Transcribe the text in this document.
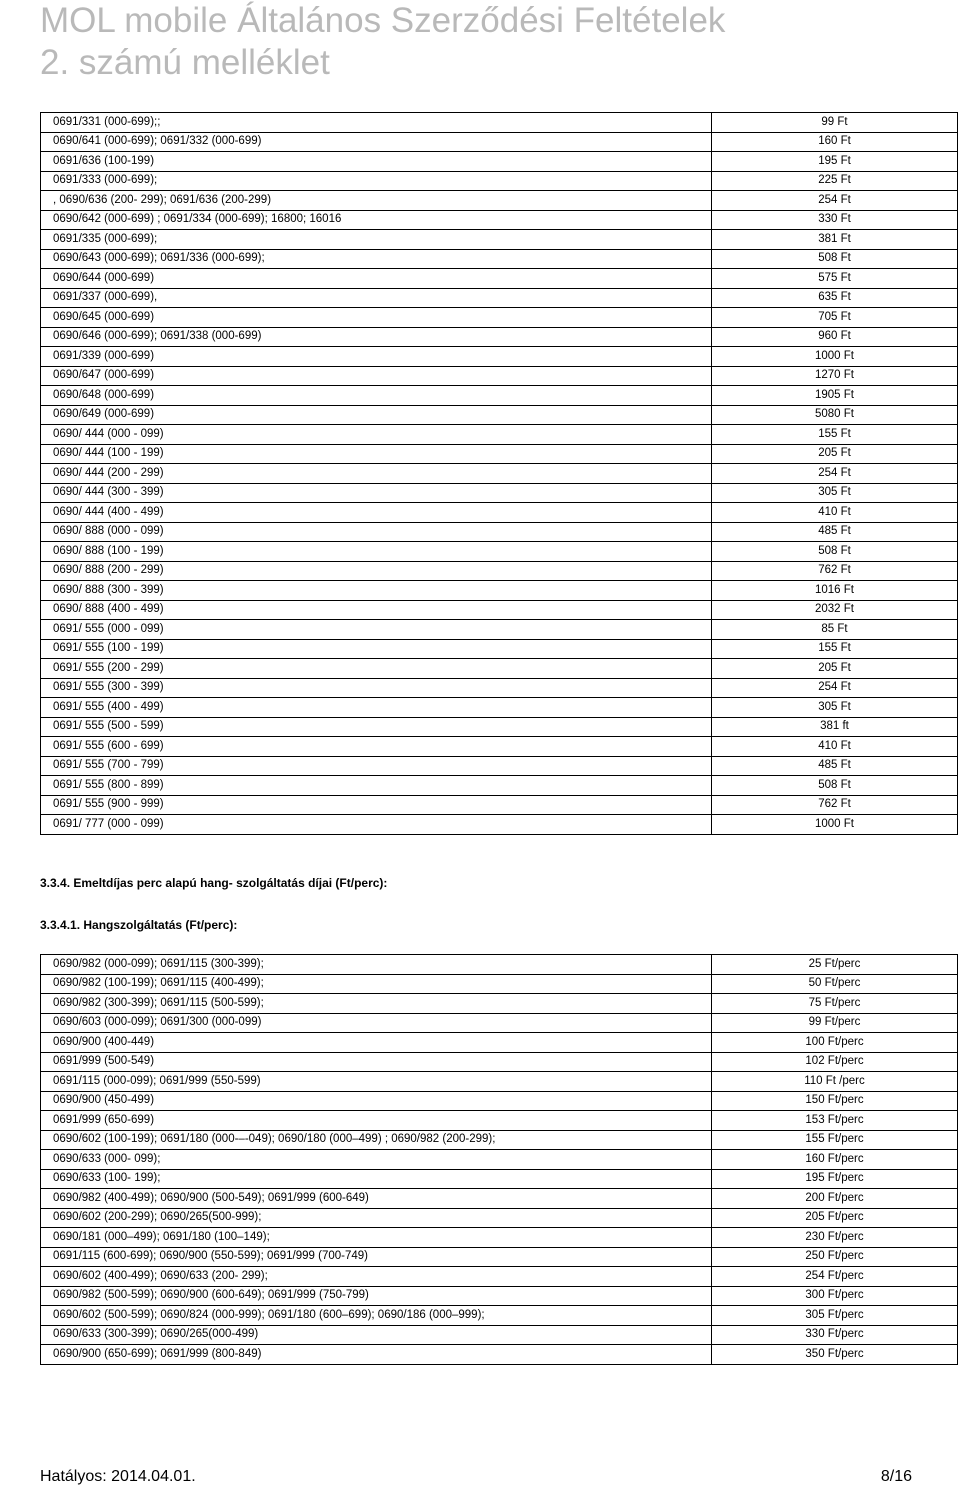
MOL mobile Általános Szerződési Feltételek
2. számú melléklet
0691/331 (000-699);;	99 Ft
0690/641 (000-699); 0691/332 (000-699)	160 Ft
0691/636 (100-199)	195 Ft
0691/333 (000-699);	225 Ft
, 0690/636 (200- 299); 0691/636 (200-299)	254 Ft
0690/642 (000-699) ; 0691/334 (000-699); 16800; 16016	330 Ft
0691/335 (000-699);	381 Ft
0690/643 (000-699); 0691/336 (000-699);	508 Ft
0690/644 (000-699)	575 Ft
0691/337 (000-699),	635 Ft
0690/645 (000-699)	705 Ft
0690/646 (000-699); 0691/338 (000-699)	960 Ft
0691/339 (000-699)	1000 Ft
0690/647 (000-699)	1270 Ft
0690/648 (000-699)	1905 Ft
0690/649 (000-699)	5080 Ft
0690/ 444 (000 - 099)	155 Ft
0690/ 444 (100 - 199)	205 Ft
0690/ 444 (200 - 299)	254 Ft
0690/ 444 (300 - 399)	305 Ft
0690/ 444 (400 - 499)	410 Ft
0690/ 888 (000 - 099)	485 Ft
0690/ 888 (100 - 199)	508 Ft
0690/ 888 (200 - 299)	762 Ft
0690/ 888 (300 - 399)	1016 Ft
0690/ 888 (400 - 499)	2032 Ft
0691/ 555 (000 - 099)	85 Ft
0691/ 555 (100 - 199)	155 Ft
0691/ 555 (200 - 299)	205 Ft
0691/ 555 (300 - 399)	254 Ft
0691/ 555 (400 - 499)	305 Ft
0691/ 555 (500 - 599)	381 ft
0691/ 555 (600 - 699)	410 Ft
0691/ 555 (700 - 799)	485 Ft
0691/ 555 (800 - 899)	508 Ft
0691/ 555 (900 - 999)	762 Ft
0691/ 777 (000 - 099)	1000 Ft
3.3.4. Emeltdíjas perc alapú hang- szolgáltatás díjai (Ft/perc):
3.3.4.1. Hangszolgáltatás (Ft/perc):
0690/982 (000-099); 0691/115 (300-399);	25 Ft/perc
0690/982 (100-199); 0691/115 (400-499);	50 Ft/perc
0690/982 (300-399); 0691/115 (500-599);	75 Ft/perc
0690/603 (000-099); 0691/300 (000-099)	99 Ft/perc
0690/900 (400-449)	100 Ft/perc
0691/999 (500-549)	102 Ft/perc
0691/115 (000-099); 0691/999 (550-599)	110 Ft /perc
0690/900 (450-499)	150 Ft/perc
0691/999 (650-699)	153 Ft/perc
0690/602 (100-199); 0691/180 (000-–-049); 0690/180 (000–499) ; 0690/982 (200-299);	155 Ft/perc
0690/633 (000- 099);	160 Ft/perc
0690/633 (100- 199);	195 Ft/perc
0690/982 (400-499); 0690/900 (500-549); 0691/999 (600-649)	200 Ft/perc
0690/602 (200-299); 0690/265(500-999);	205 Ft/perc
0690/181 (000–499); 0691/180 (100–149);	230 Ft/perc
0691/115 (600-699); 0690/900 (550-599); 0691/999 (700-749)	250 Ft/perc
0690/602 (400-499); 0690/633 (200- 299);	254 Ft/perc
0690/982 (500-599); 0690/900 (600-649); 0691/999 (750-799)	300 Ft/perc
0690/602 (500-599); 0690/824 (000-999); 0691/180 (600–699); 0690/186 (000–999);	305 Ft/perc
0690/633 (300-399); 0690/265(000-499)	330 Ft/perc
0690/900 (650-699); 0691/999 (800-849)	350 Ft/perc
Hatályos: 2014.04.01.	8/16
